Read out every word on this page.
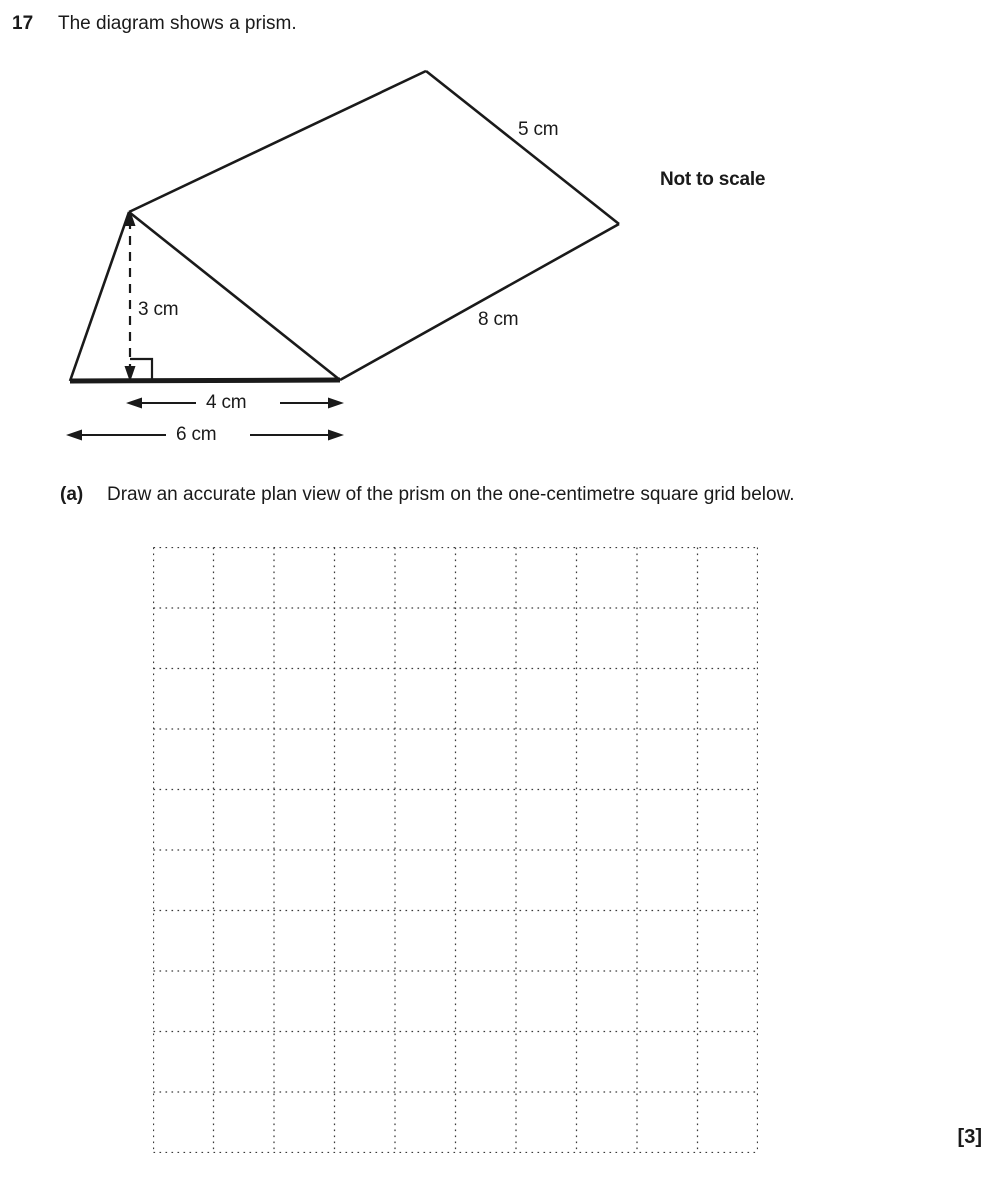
17	The diagram shows a prism.
3 cm
5 cm
8 cm
4 cm
6 cm
Not to scale
(a)	Draw an accurate plan view of the prism on the one-centimetre square grid below.
[3]
